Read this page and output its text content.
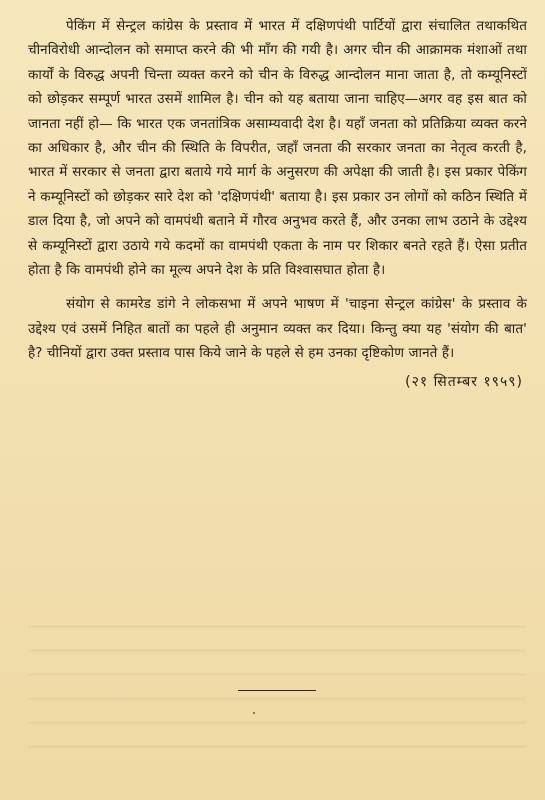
पेकिंग में सेन्ट्रल कांग्रेस के प्रस्ताव में भारत में दक्षिणपंथी पार्टियों द्वारा संचालित तथाकथित चीनविरोधी आन्दोलन को समाप्त करने की भी माँग की गयी है। अगर चीन की आक्रामक मंशाओं तथा कार्यों के विरुद्ध अपनी चिन्ता व्यक्त करने को चीन के विरुद्ध आन्दोलन माना जाता है, तो कम्यूनिस्टों को छोड़कर सम्पूर्ण भारत उसमें शामिल है। चीन को यह बताया जाना चाहिए—अगर वह इस बात को जानता नहीं हो— कि भारत एक जनतांत्रिक असाम्यवादी देश है। यहाँ जनता को प्रतिक्रिया व्यक्त करने का अधिकार है, और चीन की स्थिति के विपरीत, जहाँ जनता की सरकार जनता का नेतृत्व करती है, भारत में सरकार से जनता द्वारा बताये गये मार्ग के अनुसरण की अपेक्षा की जाती है। इस प्रकार पेकिंग ने कम्यूनिस्टों को छोड़कर सारे देश को 'दक्षिणपंथी' बताया है। इस प्रकार उन लोगों को कठिन स्थिति में डाल दिया है, जो अपने को वामपंथी बताने में गौरव अनुभव करते हैं, और उनका लाभ उठाने के उद्देश्य से कम्यूनिस्टों द्वारा उठाये गये कदमों का वामपंथी एकता के नाम पर शिकार बनते रहते हैं। ऐसा प्रतीत होता है कि वामपंथी होने का मूल्य अपने देश के प्रति विश्वासघात होता है।

संयोग से कामरेड डांगे ने लोकसभा में अपने भाषण में 'चाइना सेन्ट्रल कांग्रेस' के प्रस्ताव के उद्देश्य एवं उसमें निहित बातों का पहले ही अनुमान व्यक्त कर दिया। किन्तु क्या यह 'संयोग की बात' है? चीनियों द्वारा उक्त प्रस्ताव पास किये जाने के पहले से हम उनका दृष्टिकोण जानते हैं।

(२१ सितम्बर १९५९)
